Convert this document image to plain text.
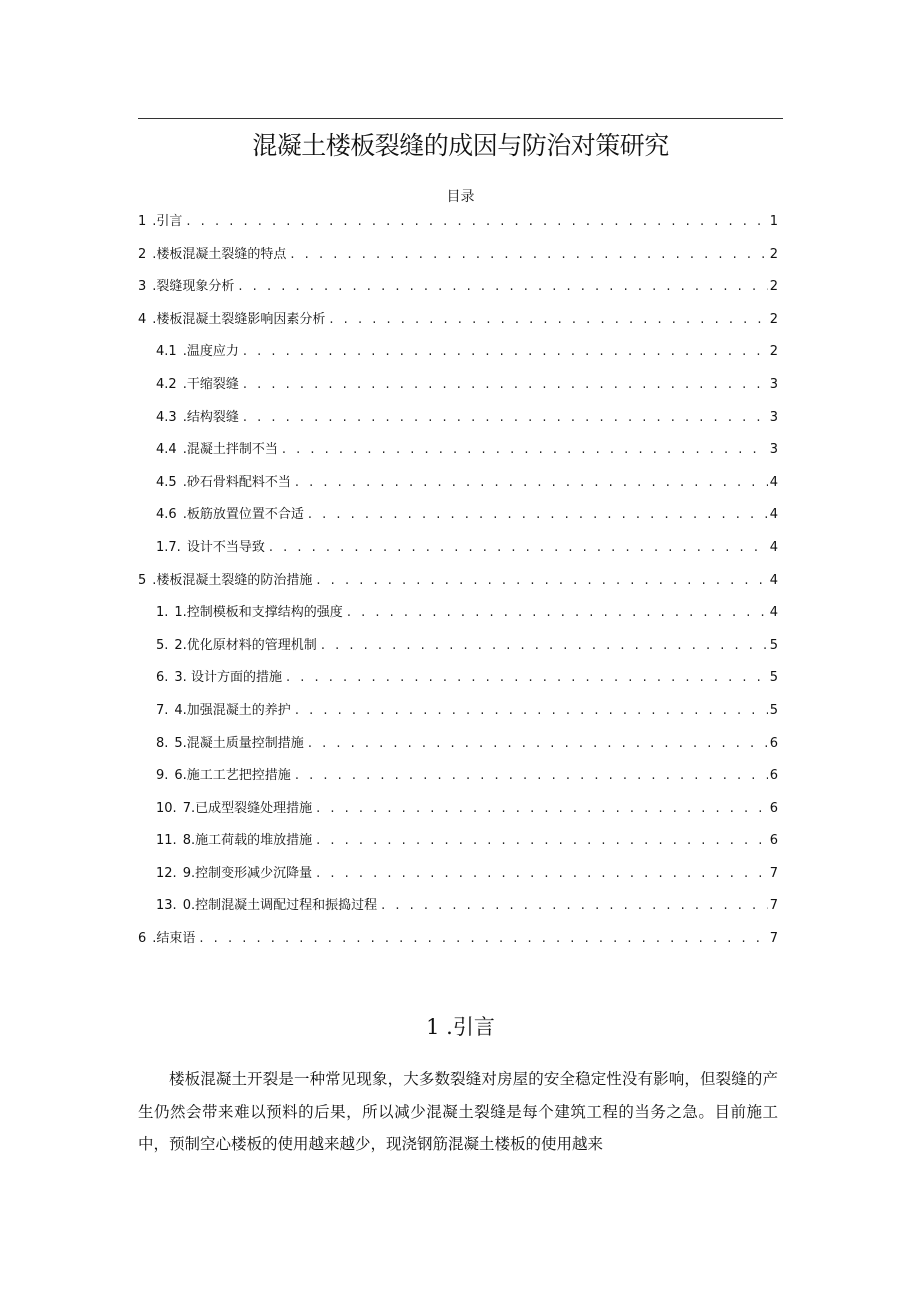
混凝土楼板裂缝的成因与防治对策研究
目录
1 .引言 . . .	1
2 .楼板混凝土裂缝的特点 . . .	2
3 .裂缝现象分析 . . .	2
4 .楼板混凝土裂缝影响因素分析 . . .	2
4.1 .温度应力 . . .	2
4.2 .干缩裂缝 . . .	3
4.3 .结构裂缝 . . .	3
4.4 .混凝土拌制不当 . . .	3
4.5 .砂石骨料配料不当 . . .	4
4.6 .板筋放置位置不合适 . . .	4
1.7. 设计不当导致 . . .	4
5 .楼板混凝土裂缝的防治措施 . . .	4
1. 1.控制模板和支撑结构的强度 . . .	4
5. 2.优化原材料的管理机制 . . .	5
6. 3. 设计方面的措施 . . .	5
7. 4.加强混凝土的养护 . . .	5
8. 5.混凝土质量控制措施 . . .	6
9. 6.施工工艺把控措施 . . .	6
10. 7.已成型裂缝处理措施 . . .	6
11. 8.施工荷载的堆放措施 . . .	6
12. 9.控制变形减少沉降量 . . .	7
13. 0.控制混凝土调配过程和振捣过程 . . .	7
6 .结束语 . . .	7
1 .引言

楼板混凝土开裂是一种常见现象，大多数裂缝对房屋的安全稳定性没有影响，但裂缝的产生仍然会带来难以预料的后果，所以减少混凝土裂缝是每个建筑工程的当务之急。目前施工中，预制空心楼板的使用越来越少，现浇钢筋混凝土楼板的使用越来
